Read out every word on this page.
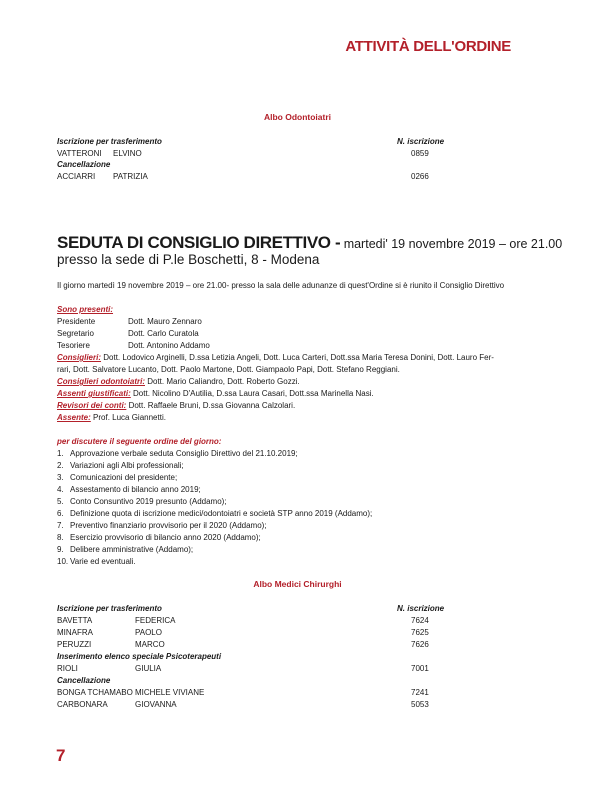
ATTIVITÀ DELL'ORDINE
Albo Odontoiatri
Iscrizione per trasferimento	N. iscrizione
VATTERONI ELVINO	0859
Cancellazione
ACCIARRI PATRIZIA	0266
SEDUTA DI CONSIGLIO DIRETTIVO - martedi' 19 novembre 2019 – ore 21.00
presso la sede di P.le Boschetti, 8 - Modena
Il giorno martedì 19 novembre 2019 – ore 21.00- presso la sala delle adunanze di quest'Ordine si è riunito il Consiglio Direttivo
Sono presenti:
Presidente	Dott. Mauro Zennaro
Segretario	Dott. Carlo Curatola
Tesoriere	Dott. Antonino Addamo
Consiglieri: Dott. Lodovico Arginelli, D.ssa Letizia Angeli, Dott. Luca Carteri, Dott.ssa Maria Teresa Donini, Dott. Lauro Fer-
rari, Dott. Salvatore Lucanto, Dott. Paolo Martone, Dott. Giampaolo Papi, Dott. Stefano Reggiani.
Consiglieri odontoiatri: Dott. Mario Caliandro, Dott. Roberto Gozzi.
Assenti giustificati: Dott. Nicolino D'Autilia, D.ssa Laura Casari, Dott.ssa Marinella Nasi.
Revisori dei conti: Dott. Raffaele Bruni, D.ssa Giovanna Calzolari.
Assente: Prof. Luca Giannetti.
per discutere il seguente ordine del giorno:
1. Approvazione verbale seduta Consiglio Direttivo del 21.10.2019;
2. Variazioni agli Albi professionali;
3. Comunicazioni del presidente;
4. Assestamento di bilancio anno 2019;
5. Conto Consuntivo 2019 presunto (Addamo);
6. Definizione quota di iscrizione medici/odontoiatri e società STP anno 2019 (Addamo);
7. Preventivo finanziario provvisorio per il 2020 (Addamo);
8. Esercizio provvisorio di bilancio anno 2020 (Addamo);
9. Delibere amministrative (Addamo);
10. Varie ed eventuali.
Albo Medici Chirurghi
Iscrizione per trasferimento	N. iscrizione
BAVETTA	FEDERICA	7624
MINAFRA	PAOLO	7625
PERUZZI	MARCO	7626
Inserimento elenco speciale Psicoterapeuti
RIOLI	GIULIA	7001
Cancellazione
BONGA TCHAMABO MICHELE VIVIANE	7241
CARBONARA	GIOVANNA	5053
7
